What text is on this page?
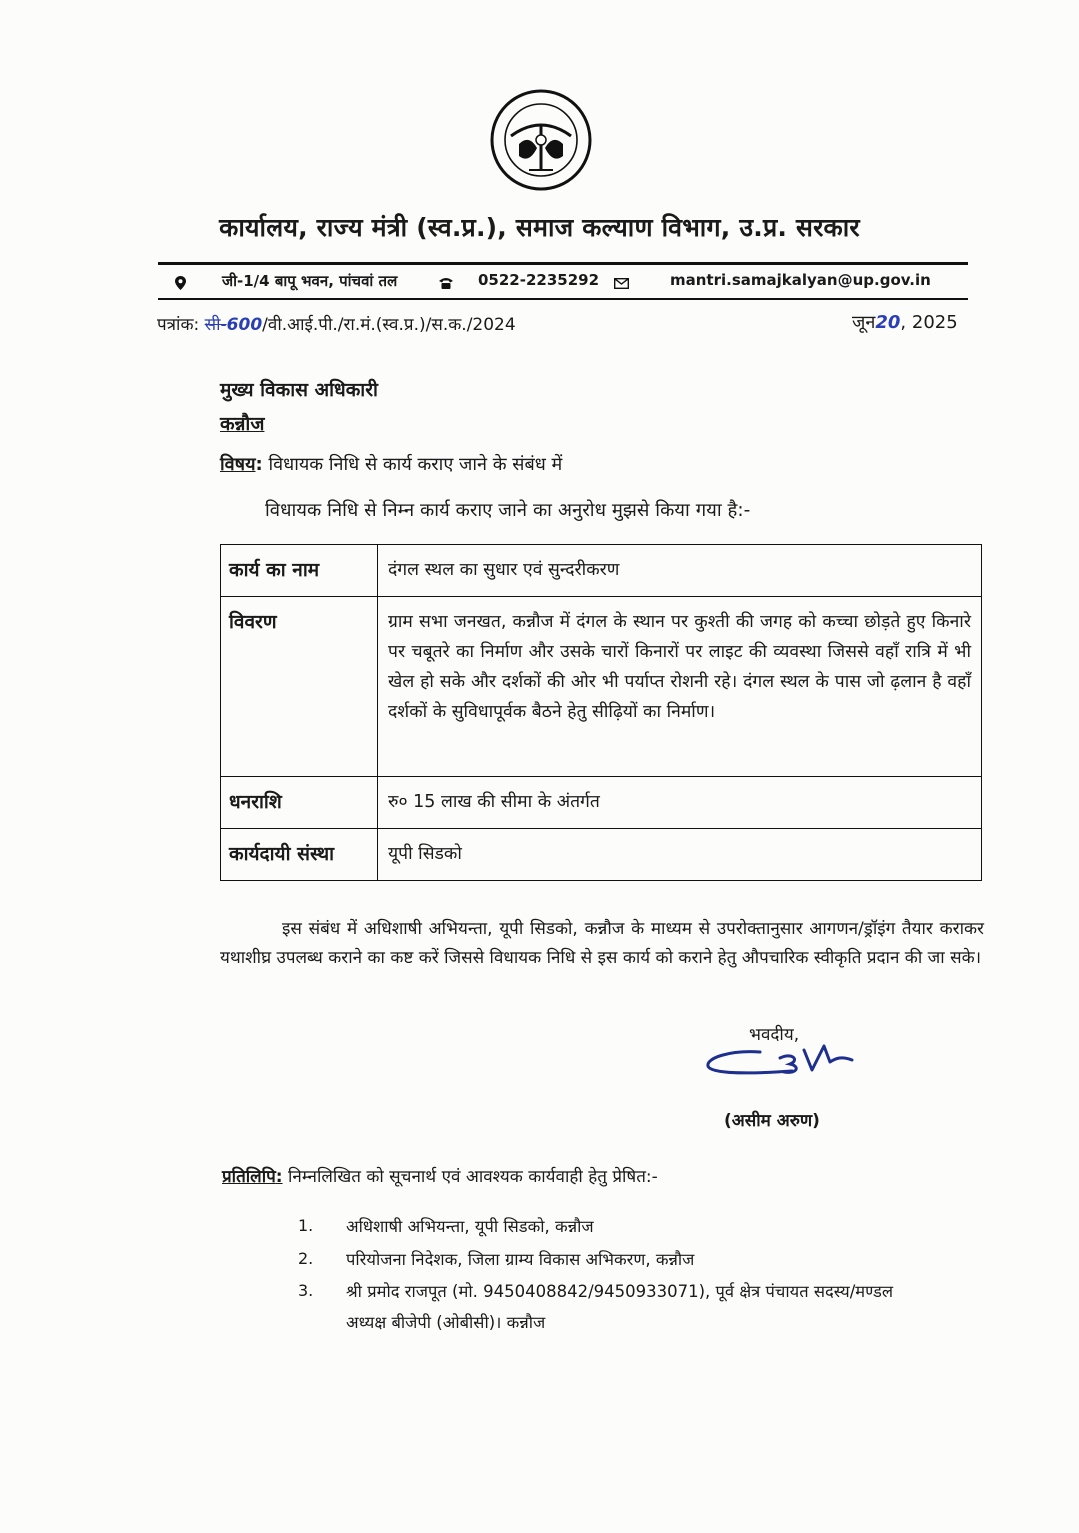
कार्यालय, राज्य मंत्री (स्व.प्र.), समाज कल्याण विभाग, उ.प्र. सरकार
जी-1/4 बापू भवन, पांचवां तल	0522-2235292	mantri.samajkalyan@up.gov.in
पत्रांक: सी-600/वी.आई.पी./रा.मं.(स्व.प्र.)/स.क./2024	जून20, 2025
मुख्य विकास अधिकारी
कन्नौज
विषय: विधायक निधि से कार्य कराए जाने के संबंध में
विधायक निधि से निम्न कार्य कराए जाने का अनुरोध मुझसे किया गया है:-
कार्य का नाम	दंगल स्थल का सुधार एवं सुन्दरीकरण
विवरण	ग्राम सभा जनखत, कन्नौज में दंगल के स्थान पर कुश्ती की जगह को कच्चा छोड़ते हुए किनारे पर चबूतरे का निर्माण और उसके चारों किनारों पर लाइट की व्यवस्था जिससे वहाँ रात्रि में भी खेल हो सके और दर्शकों की ओर भी पर्याप्त रोशनी रहे। दंगल स्थल के पास जो ढ़लान है वहाँ दर्शकों के सुविधापूर्वक बैठने हेतु सीढ़ियों का निर्माण।
धनराशि	रु० 15 लाख की सीमा के अंतर्गत
कार्यदायी संस्था	यूपी सिडको
इस संबंध में अधिशाषी अभियन्ता, यूपी सिडको, कन्नौज के माध्यम से उपरोक्तानुसार आगणन/ड्रॉइंग तैयार कराकर यथाशीघ्र उपलब्ध कराने का कष्ट करें जिससे विधायक निधि से इस कार्य को कराने हेतु औपचारिक स्वीकृति प्रदान की जा सके।
भवदीय,
(असीम अरुण)
प्रतिलिपि: निम्नलिखित को सूचनार्थ एवं आवश्यक कार्यवाही हेतु प्रेषित:-
1. अधिशाषी अभियन्ता, यूपी सिडको, कन्नौज
2. परियोजना निदेशक, जिला ग्राम्य विकास अभिकरण, कन्नौज
3. श्री प्रमोद राजपूत (मो. 9450408842/9450933071), पूर्व क्षेत्र पंचायत सदस्य/मण्डल
अध्यक्ष बीजेपी (ओबीसी)। कन्नौज
